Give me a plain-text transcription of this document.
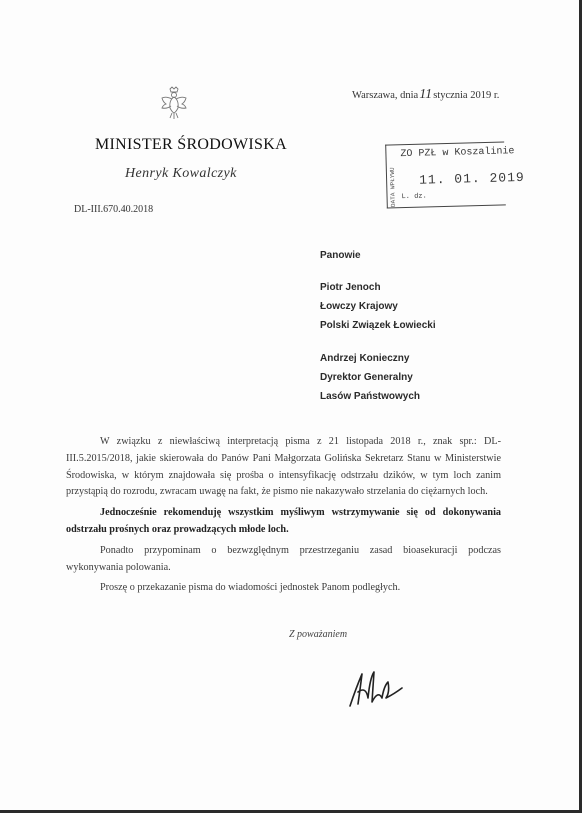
Warszawa, dnia11stycznia 2019 r.
MINISTER ŚRODOWISKA
Henryk Kowalczyk
DL-III.670.40.2018
ZO PZŁ w Koszalinie
DATA WPŁYWU 11. 01. 2019
L. dz.
Panowie
Piotr Jenoch
Łowczy Krajowy
Polski Związek Łowiecki
Andrzej Konieczny
Dyrektor Generalny
Lasów Państwowych

W związku z niewłaściwą interpretacją pisma z 21 listopada 2018 r., znak spr.: DL-III.5.2015/2018, jakie skierowała do Panów Pani Małgorzata Golińska Sekretarz Stanu w Ministerstwie Środowiska, w którym znajdowała się prośba o intensyfikację odstrzału dzików, w tym loch zanim przystąpią do rozrodu, zwracam uwagę na fakt, że pismo nie nakazywało strzelania do ciężarnych loch.

Jednocześnie rekomenduję wszystkim myśliwym wstrzymywanie się od dokonywania odstrzału prośnych oraz prowadzących młode loch.

Ponadto przypominam o bezwzględnym przestrzeganiu zasad bioasekuracji podczas wykonywania polowania.

Proszę o przekazanie pisma do wiadomości jednostek Panom podległych.

Z poważaniem
